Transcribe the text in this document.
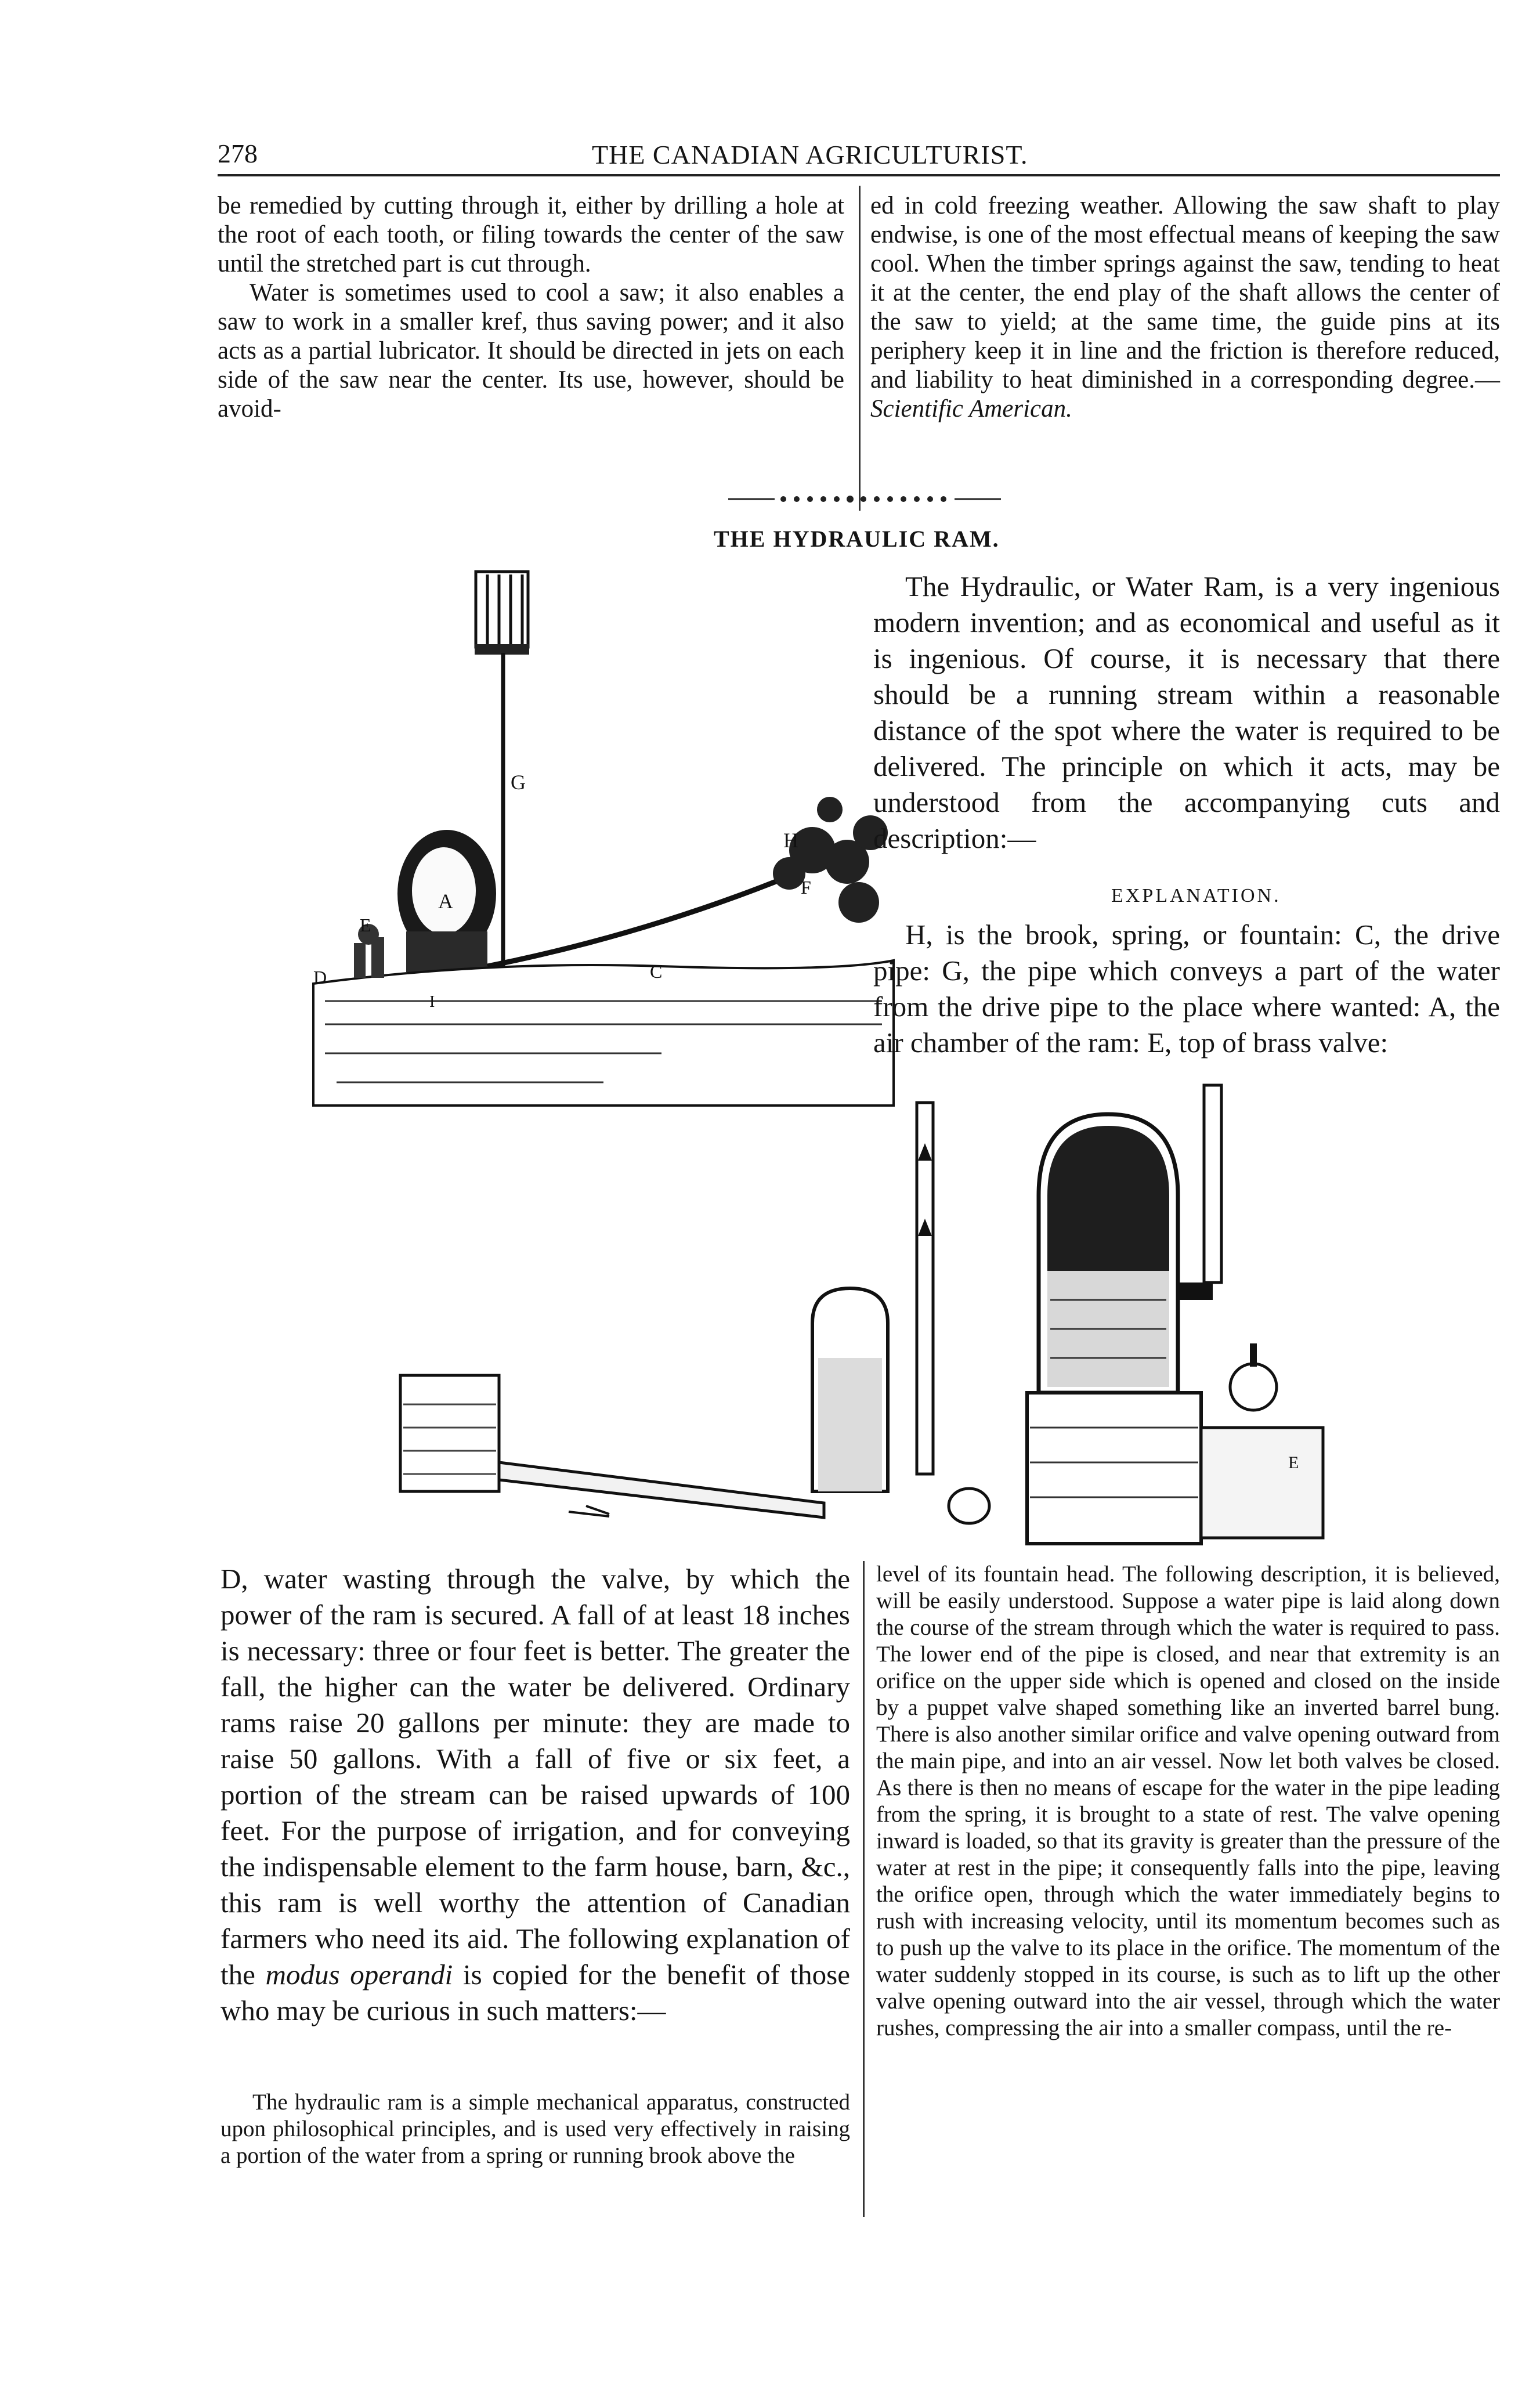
278	THE CANADIAN AGRICULTURIST.

be remedied by cutting through it, either by drilling a hole at the root of each tooth, or filing towards the center of the saw until the stretched part is cut through.

Water is sometimes used to cool a saw; it also enables a saw to work in a smaller kref, thus saving power; and it also acts as a partial lubricator. It should be directed in jets on each side of the saw near the center. Its use, however, should be avoid-

ed in cold freezing weather. Allowing the saw shaft to play endwise, is one of the most effectual means of keeping the saw cool. When the timber springs against the saw, tending to heat it at the center, the end play of the shaft allows the center of the saw to yield; at the same time, the guide pins at its periphery keep it in line and the friction is therefore reduced, and liability to heat diminished in a corresponding degree.—Scientific American.

THE HYDRAULIC RAM.
G
A
H
F
E
D	C
I

The Hydraulic, or Water Ram, is a very ingenious modern invention; and as economical and useful as it is ingenious. Of course, it is necessary that there should be a running stream within a reasonable distance of the spot where the water is required to be delivered. The principle on which it acts, may be understood from the accompanying cuts and description:—

EXPLANATION.

H, is the brook, spring, or fountain: C, the drive pipe: G, the pipe which conveys a part of the water from the drive pipe to the place where wanted: A, the air chamber of the ram: E, top of brass valve:

E

D, water wasting through the valve, by which the power of the ram is secured. A fall of at least 18 inches is necessary: three or four feet is better. The greater the fall, the higher can the water be delivered. Ordinary rams raise 20 gallons per minute: they are made to raise 50 gallons. With a fall of five or six feet, a portion of the stream can be raised upwards of 100 feet. For the purpose of irrigation, and for conveying the indispensable element to the farm house, barn, &c., this ram is well worthy the attention of Canadian farmers who need its aid. The following explanation of the modus operandi is copied for the benefit of those who may be curious in such matters:—

The hydraulic ram is a simple mechanical apparatus, constructed upon philosophical principles, and is used very effectively in raising a portion of the water from a spring or running brook above the

level of its fountain head. The following description, it is believed, will be easily understood. Suppose a water pipe is laid along down the course of the stream through which the water is required to pass. The lower end of the pipe is closed, and near that extremity is an orifice on the upper side which is opened and closed on the inside by a puppet valve shaped something like an inverted barrel bung. There is also another similar orifice and valve opening outward from the main pipe, and into an air vessel. Now let both valves be closed. As there is then no means of escape for the water in the pipe leading from the spring, it is brought to a state of rest. The valve opening inward is loaded, so that its gravity is greater than the pressure of the water at rest in the pipe; it consequently falls into the pipe, leaving the orifice open, through which the water immediately begins to rush with increasing velocity, until its momentum becomes such as to push up the valve to its place in the orifice. The momentum of the water suddenly stopped in its course, is such as to lift up the other valve opening outward into the air vessel, through which the water rushes, compressing the air into a smaller compass, until the re-
